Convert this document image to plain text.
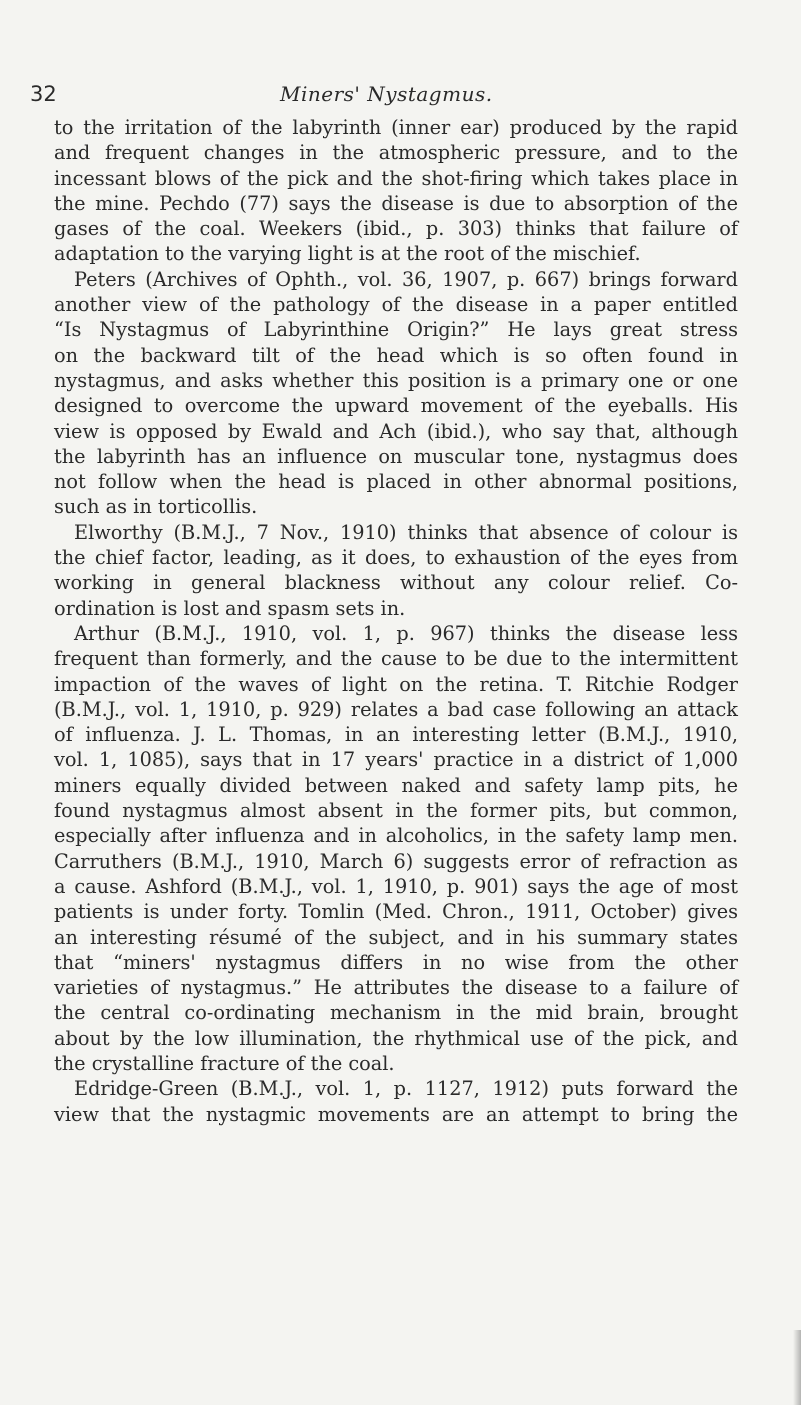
32	Miners' Nystagmus.
to the irritation of the labyrinth (inner ear) produced by the rapid
and frequent changes in the atmospheric pressure, and to the
incessant blows of the pick and the shot-firing which takes place in
the mine. Pechdo (77) says the disease is due to absorption of the
gases of the coal. Weekers (ibid., p. 303) thinks that failure of
adaptation to the varying light is at the root of the mischief.
Peters (Archives of Ophth., vol. 36, 1907, p. 667) brings forward
another view of the pathology of the disease in a paper entitled
“Is Nystagmus of Labyrinthine Origin?” He lays great stress
on the backward tilt of the head which is so often found in
nystagmus, and asks whether this position is a primary one or one
designed to overcome the upward movement of the eyeballs. His
view is opposed by Ewald and Ach (ibid.), who say that, although
the labyrinth has an influence on muscular tone, nystagmus does
not follow when the head is placed in other abnormal positions,
such as in torticollis.
Elworthy (B.M.J., 7 Nov., 1910) thinks that absence of colour is
the chief factor, leading, as it does, to exhaustion of the eyes from
working in general blackness without any colour relief. Co-
ordination is lost and spasm sets in.
Arthur (B.M.J., 1910, vol. 1, p. 967) thinks the disease less
frequent than formerly, and the cause to be due to the intermittent
impaction of the waves of light on the retina. T. Ritchie Rodger
(B.M.J., vol. 1, 1910, p. 929) relates a bad case following an attack
of influenza. J. L. Thomas, in an interesting letter (B.M.J., 1910,
vol. 1, 1085), says that in 17 years' practice in a district of 1,000
miners equally divided between naked and safety lamp pits, he
found nystagmus almost absent in the former pits, but common,
especially after influenza and in alcoholics, in the safety lamp men.
Carruthers (B.M.J., 1910, March 6) suggests error of refraction as
a cause. Ashford (B.M.J., vol. 1, 1910, p. 901) says the age of most
patients is under forty. Tomlin (Med. Chron., 1911, October) gives
an interesting résumé of the subject, and in his summary states
that “miners' nystagmus differs in no wise from the other
varieties of nystagmus.” He attributes the disease to a failure of
the central co-ordinating mechanism in the mid brain, brought
about by the low illumination, the rhythmical use of the pick, and
the crystalline fracture of the coal.
Edridge-Green (B.M.J., vol. 1, p. 1127, 1912) puts forward the
view that the nystagmic movements are an attempt to bring the
